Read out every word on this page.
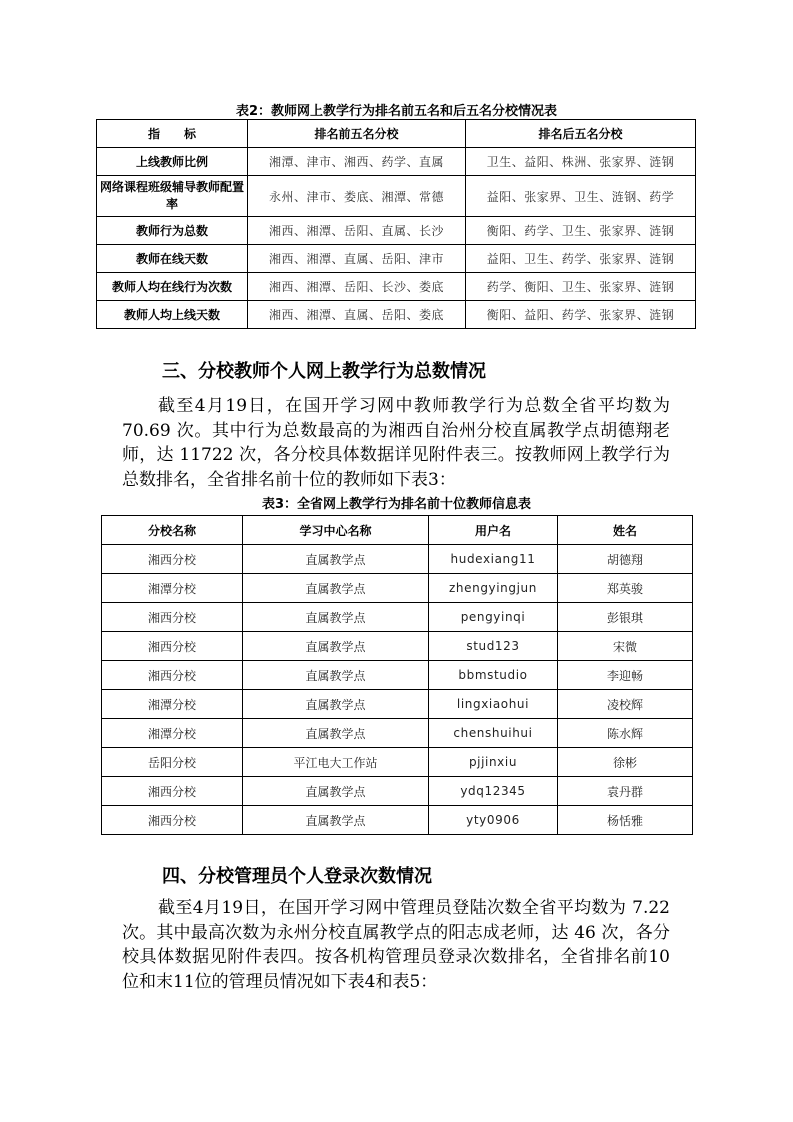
表2：教师网上教学行为排名前五名和后五名分校情况表
指　　标	排名前五名分校	排名后五名分校
上线教师比例	湘潭、津市、湘西、药学、直属	卫生、益阳、株洲、张家界、涟钢
网络课程班级辅导教师配置率	永州、津市、娄底、湘潭、常德	益阳、张家界、卫生、涟钢、药学
教师行为总数	湘西、湘潭、岳阳、直属、长沙	衡阳、药学、卫生、张家界、涟钢
教师在线天数	湘西、湘潭、直属、岳阳、津市	益阳、卫生、药学、张家界、涟钢
教师人均在线行为次数	湘西、湘潭、岳阳、长沙、娄底	药学、衡阳、卫生、张家界、涟钢
教师人均上线天数	湘西、湘潭、直属、岳阳、娄底	衡阳、益阳、药学、张家界、涟钢
三、分校教师个人网上教学行为总数情况

截至4月19日，在国开学习网中教师教学行为总数全省平均数为 70.69 次。其中行为总数最高的为湘西自治州分校直属教学点胡德翔老师，达 11722 次，各分校具体数据详见附件表三。按教师网上教学行为总数排名，全省排名前十位的教师如下表3：

表3：全省网上教学行为排名前十位教师信息表
分校名称	学习中心名称	用户名	姓名
湘西分校	直属教学点	hudexiang11	胡德翔
湘潭分校	直属教学点	zhengyingjun	郑英骏
湘西分校	直属教学点	pengyinqi	彭银琪
湘西分校	直属教学点	stud123	宋微
湘西分校	直属教学点	bbmstudio	李迎畅
湘潭分校	直属教学点	lingxiaohui	凌校辉
湘潭分校	直属教学点	chenshuihui	陈水辉
岳阳分校	平江电大工作站	pjjinxiu	徐彬
湘西分校	直属教学点	ydq12345	袁丹群
湘西分校	直属教学点	yty0906	杨恬雅
四、分校管理员个人登录次数情况

截至4月19日，在国开学习网中管理员登陆次数全省平均数为 7.22 次。其中最高次数为永州分校直属教学点的阳志成老师，达 46 次，各分校具体数据见附件表四。按各机构管理员登录次数排名，全省排名前10位和末11位的管理员情况如下表4和表5：
